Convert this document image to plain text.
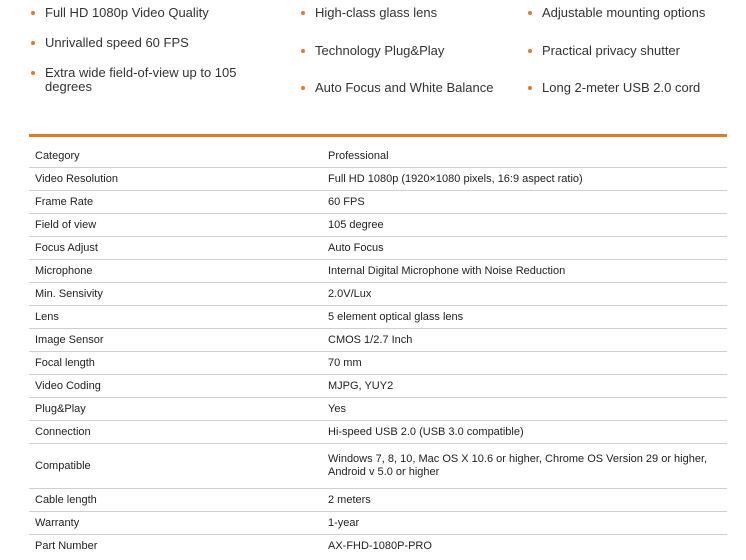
Full HD 1080p Video Quality
Unrivalled speed 60 FPS
Extra wide field-of-view up to 105 degrees
High-class glass lens
Technology Plug&Play
Auto Focus and White Balance
Adjustable mounting options
Practical privacy shutter
Long 2-meter USB 2.0 cord
Category	Professional
Video Resolution	Full HD 1080p (1920×1080 pixels, 16:9 aspect ratio)
Frame Rate	60 FPS
Field of view	105 degree
Focus Adjust	Auto Focus
Microphone	Internal Digital Microphone with Noise Reduction
Min. Sensivity	2.0V/Lux
Lens	5 element optical glass lens
Image Sensor	CMOS 1/2.7 Inch
Focal length	70 mm
Video Coding	MJPG, YUY2
Plug&Play	Yes
Connection	Hi-speed USB 2.0 (USB 3.0 compatible)
Compatible	Windows 7, 8, 10, Mac OS X 10.6 or higher, Chrome OS Version 29 or higher, Android v 5.0 or higher
Cable length	2 meters
Warranty	1-year
Part Number	AX-FHD-1080P-PRO
